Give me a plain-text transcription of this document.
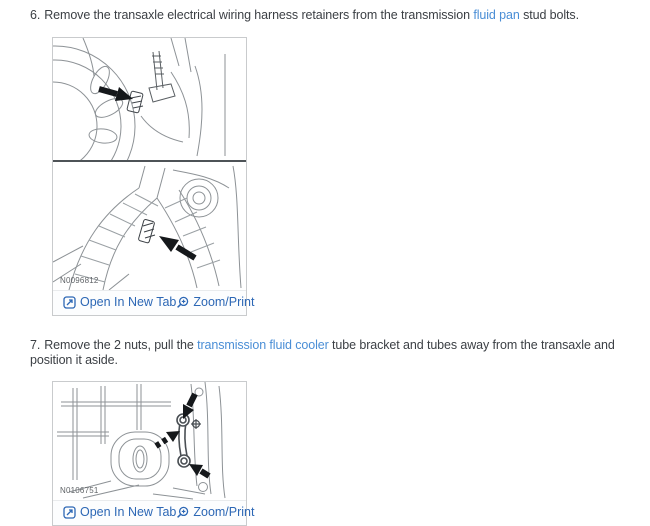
6. Remove the transaxle electrical wiring harness retainers from the transmission fluid pan stud bolts.
N0096812
Open In New Tab Zoom/Print
7. Remove the 2 nuts, pull the transmission fluid cooler tube bracket and tubes away from the transaxle and position it aside.
N0106751
Open In New Tab Zoom/Print
